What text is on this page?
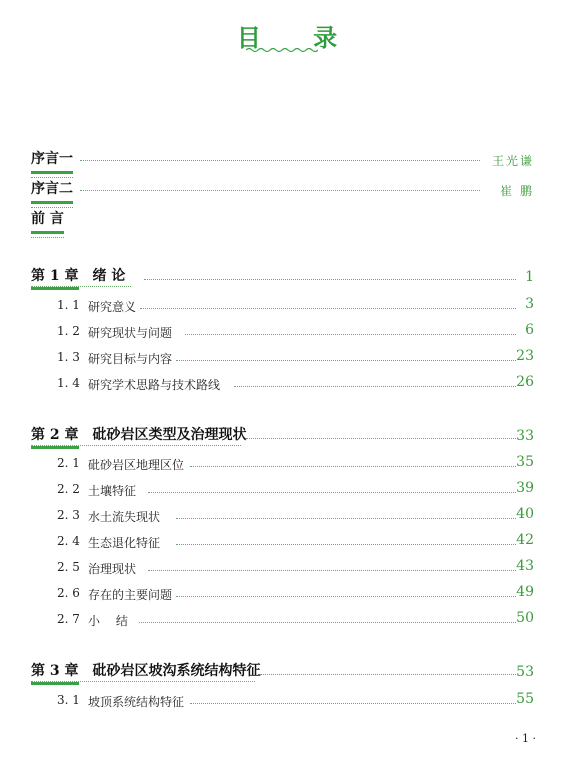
目 录
序言一	王光谦
序言二	崔 鹏
前 言
第 1 章 绪 论	1
1. 1 研究意义	3
1. 2 研究现状与问题	6
1. 3 研究目标与内容	23
1. 4 研究学术思路与技术路线	26
第 2 章 砒砂岩区类型及治理现状	33
2. 1 砒砂岩区地理区位	35
2. 2 土壤特征	39
2. 3 水土流失现状	40
2. 4 生态退化特征	42
2. 5 治理现状	43
2. 6 存在的主要问题	49
2. 7 小 结	50
第 3 章 砒砂岩区坡沟系统结构特征	53
3. 1 坡顶系统结构特征	55
· 1 ·
